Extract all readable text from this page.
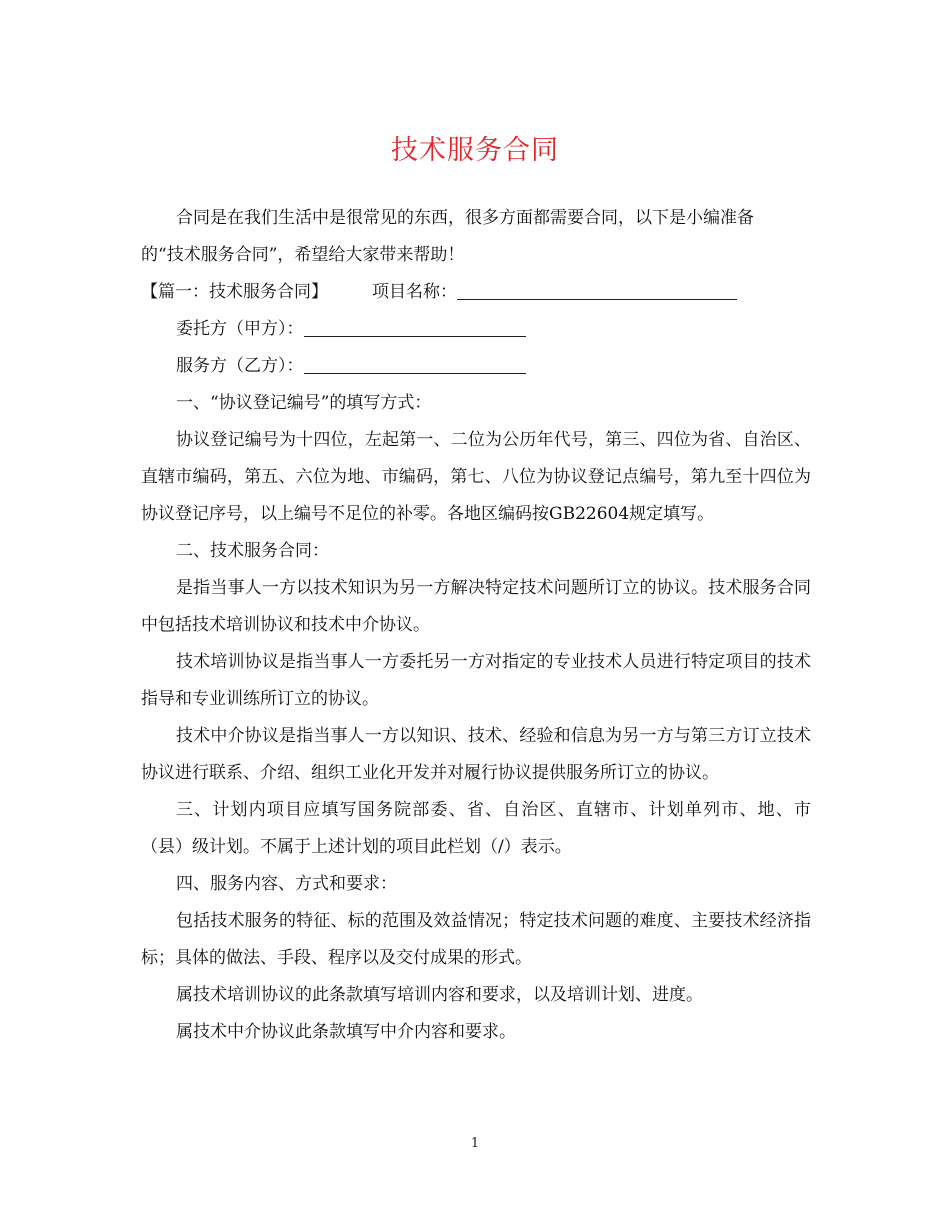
技术服务合同

合同是在我们生活中是很常见的东西，很多方面都需要合同，以下是小编准备

的“技术服务合同”，希望给大家带来帮助！

【篇一：技术服务合同】	项目名称：

委托方（甲方）：

服务方（乙方）：

一、“协议登记编号”的填写方式：

协议登记编号为十四位，左起第一、二位为公历年代号，第三、四位为省、自治区、直辖市编码，第五、六位为地、市编码，第七、八位为协议登记点编号，第九至十四位为协议登记序号，以上编号不足位的补零。各地区编码按GB22604规定填写。

二、技术服务合同：

是指当事人一方以技术知识为另一方解决特定技术问题所订立的协议。技术服务合同中包括技术培训协议和技术中介协议。

技术培训协议是指当事人一方委托另一方对指定的专业技术人员进行特定项目的技术指导和专业训练所订立的协议。

技术中介协议是指当事人一方以知识、技术、经验和信息为另一方与第三方订立技术协议进行联系、介绍、组织工业化开发并对履行协议提供服务所订立的协议。

三、计划内项目应填写国务院部委、省、自治区、直辖市、计划单列市、地、市（县）级计划。不属于上述计划的项目此栏划（/）表示。

四、服务内容、方式和要求：

包括技术服务的特征、标的范围及效益情况；特定技术问题的难度、主要技术经济指标；具体的做法、手段、程序以及交付成果的形式。

属技术培训协议的此条款填写培训内容和要求，以及培训计划、进度。

属技术中介协议此条款填写中介内容和要求。

1
